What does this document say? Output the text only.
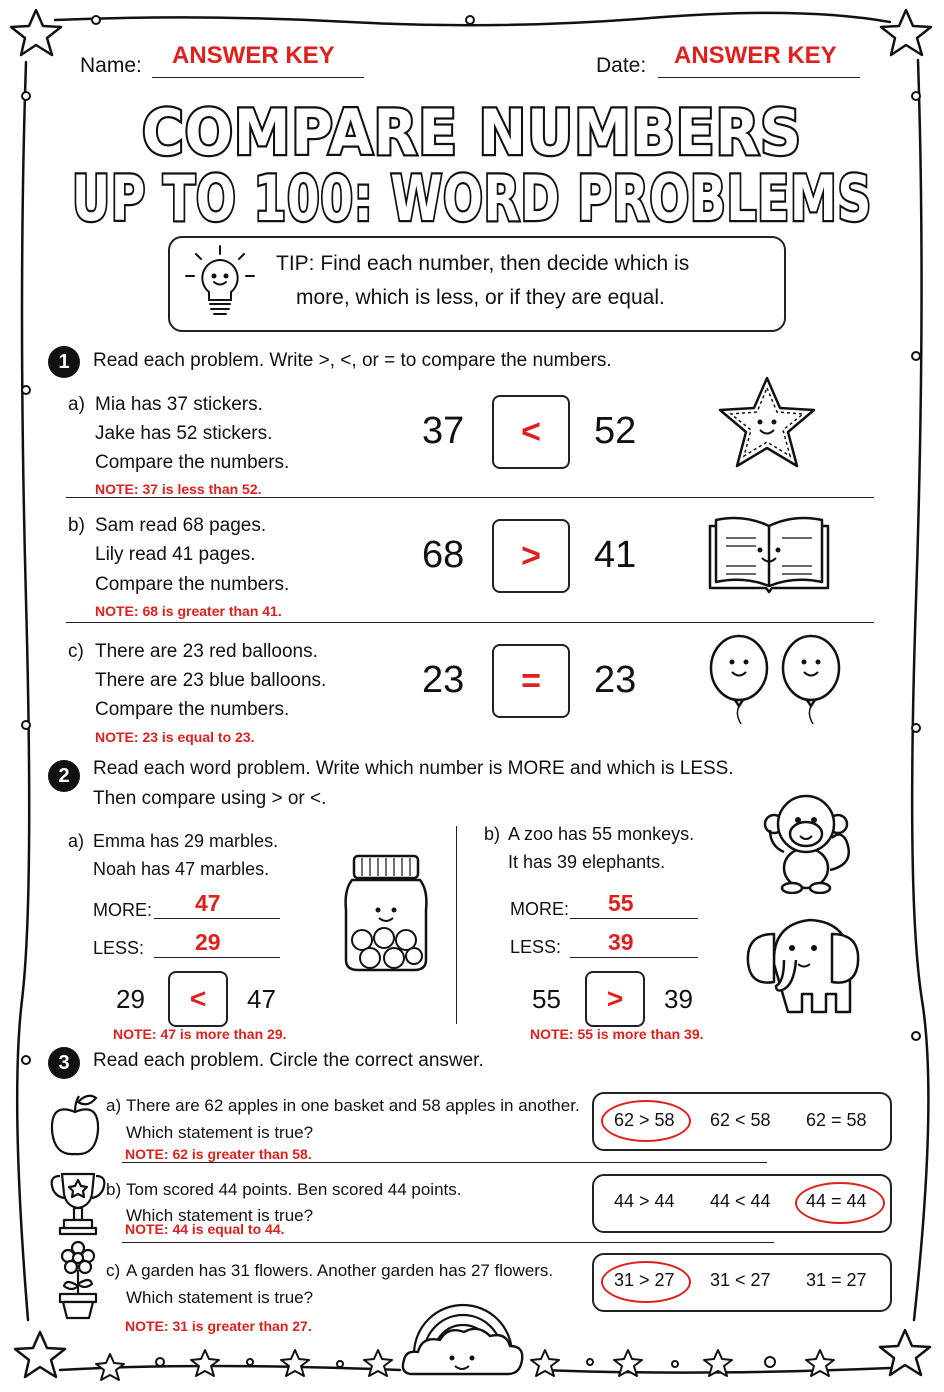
Name: ANSWER KEY	Date: ANSWER KEY
COMPARE NUMBERS
UP TO 100: WORD PROBLEMS
TIP: Find each number, then decide which is
more, which is less, or if they are equal.
1	Read each problem. Write >, <, or = to compare the numbers.
a) Mia has 37 stickers.
Jake has 52 stickers.
Compare the numbers.
NOTE: 37 is less than 52.
37	<	52
b) Sam read 68 pages.
Lily read 41 pages.
Compare the numbers.
NOTE: 68 is greater than 41.
68	>	41
c) There are 23 red balloons.
There are 23 blue balloons.
Compare the numbers.
NOTE: 23 is equal to 23.
23	=	23
2	Read each word problem. Write which number is MORE and which is LESS.
Then compare using > or <.
a) Emma has 29 marbles.
Noah has 47 marbles.
MORE: 47
LESS: 29
29	<	47
NOTE: 47 is more than 29.
b) A zoo has 55 monkeys.
It has 39 elephants.
MORE: 55
LESS: 39
55	>	39
NOTE: 55 is more than 39.
3	Read each problem. Circle the correct answer.
a) There are 62 apples in one basket and 58 apples in another.
Which statement is true?
NOTE: 62 is greater than 58.
62 > 58 62 < 58 62 = 58
b) Tom scored 44 points. Ben scored 44 points.
Which statement is true?
NOTE: 44 is equal to 44.
44 > 44 44 < 44 44 = 44
c) A garden has 31 flowers. Another garden has 27 flowers.
Which statement is true?
NOTE: 31 is greater than 27.
31 > 27 31 < 27 31 = 27
